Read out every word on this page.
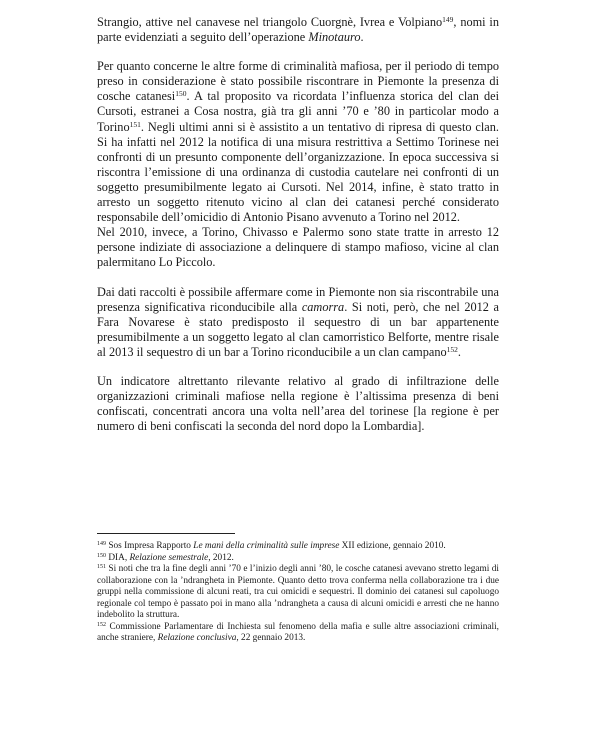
Strangio, attive nel canavese nel triangolo Cuorgnè, Ivrea e Volpiano$^{149}$, nomi in parte evidenziati a seguito dell’operazione Minotauro.

Per quanto concerne le altre forme di criminalità mafiosa, per il periodo di tempo preso in considerazione è stato possibile riscontrare in Piemonte la presenza di cosche catanesi$^{150}$. A tal proposito va ricordata l’influenza storica del clan dei Cursoti, estranei a Cosa nostra, già tra gli anni ’70 e ’80 in particolar modo a Torino$^{151}$. Negli ultimi anni si è assistito a un tentativo di ripresa di questo clan. Si ha infatti nel 2012 la notifica di una misura restrittiva a Settimo Torinese nei confronti di un presunto componente dell’organizzazione. In epoca successiva si riscontra l’emissione di una ordinanza di custodia cautelare nei confronti di un soggetto presumibilmente legato ai Cursoti. Nel 2014, infine, è stato tratto in arresto un soggetto ritenuto vicino al clan dei catanesi perché considerato responsabile dell’omicidio di Antonio Pisano avvenuto a Torino nel 2012.
Nel 2010, invece, a Torino, Chivasso e Palermo sono state tratte in arresto 12 persone indiziate di associazione a delinquere di stampo mafioso, vicine al clan palermitano Lo Piccolo.

Dai dati raccolti è possibile affermare come in Piemonte non sia riscontrabile una presenza significativa riconducibile alla camorra. Si noti, però, che nel 2012 a Fara Novarese è stato predisposto il sequestro di un bar appartenente presumibilmente a un soggetto legato al clan camorristico Belforte, mentre risale al 2013 il sequestro di un bar a Torino riconducibile a un clan campano$^{152}$.

Un indicatore altrettanto rilevante relativo al grado di infiltrazione delle organizzazioni criminali mafiose nella regione è l’altissima presenza di beni confiscati, concentrati ancora una volta nell’area del torinese [la regione è per numero di beni confiscati la seconda del nord dopo la Lombardia].

$^{149}$ Sos Impresa Rapporto Le mani della criminalità sulle imprese XII edizione, gennaio 2010.

$^{150}$ DIA, Relazione semestrale, 2012.

$^{151}$ Si noti che tra la fine degli anni ’70 e l’inizio degli anni ’80, le cosche catanesi avevano stretto legami di collaborazione con la ’ndrangheta in Piemonte. Quanto detto trova conferma nella collaborazione tra i due gruppi nella commissione di alcuni reati, tra cui omicidi e sequestri. Il dominio dei catanesi sul capoluogo regionale col tempo è passato poi in mano alla ’ndrangheta a causa di alcuni omicidi e arresti che ne hanno indebolito la struttura.

$^{152}$ Commissione Parlamentare di Inchiesta sul fenomeno della mafia e sulle altre associazioni criminali, anche straniere, Relazione conclusiva, 22 gennaio 2013.
